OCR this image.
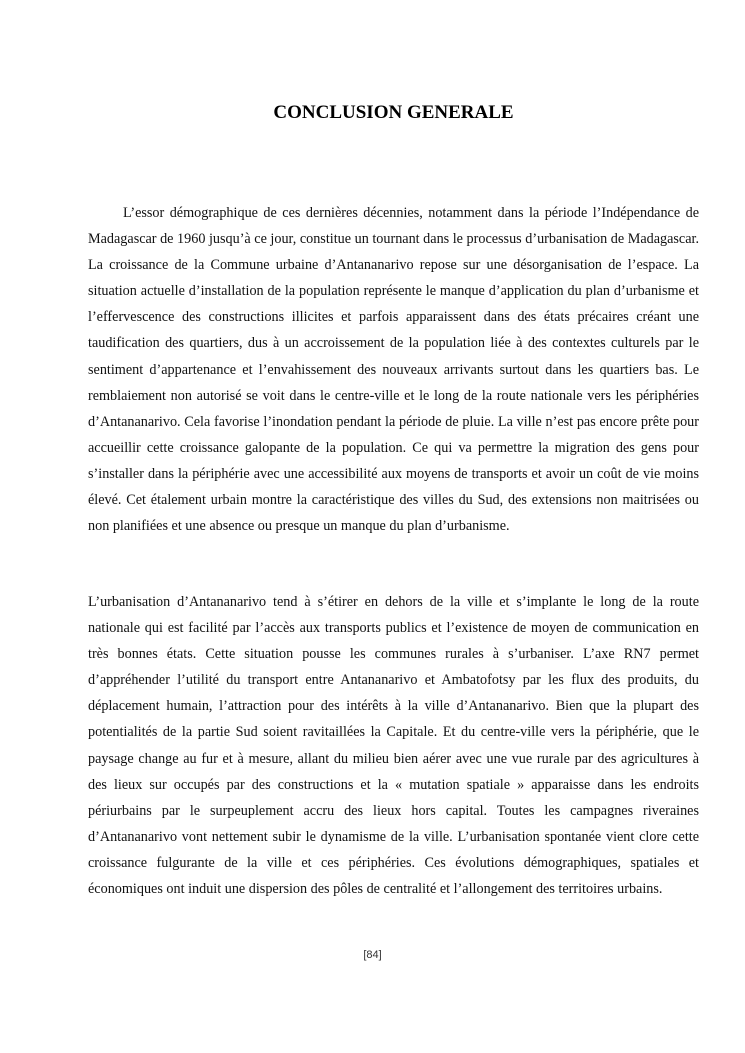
CONCLUSION GENERALE

L’essor démographique de ces dernières décennies, notamment dans la période l’Indépendance de Madagascar de 1960 jusqu’à ce jour, constitue un tournant dans le processus d’urbanisation de Madagascar. La croissance de la Commune urbaine d’Antananarivo repose sur une désorganisation de l’espace. La situation actuelle d’installation de la population représente le manque d’application du plan d’urbanisme et l’effervescence des constructions illicites et parfois apparaissent dans des états précaires créant une taudification des quartiers, dus à un accroissement de la population liée à des contextes culturels par le sentiment d’appartenance et l’envahissement des nouveaux arrivants surtout dans les quartiers bas. Le remblaiement non autorisé se voit dans le centre-ville et le long de la route nationale vers les périphéries d’Antananarivo. Cela favorise l’inondation pendant la période de pluie. La ville n’est pas encore prête pour accueillir cette croissance galopante de la population. Ce qui va permettre la migration des gens pour s’installer dans la périphérie avec une accessibilité aux moyens de transports et avoir un coût de vie moins élevé. Cet étalement urbain montre la caractéristique des villes du Sud, des extensions non maitrisées ou non planifiées et une absence ou presque un manque du plan d’urbanisme.

L’urbanisation d’Antananarivo tend à s’étirer en dehors de la ville et s’implante le long de la route nationale qui est facilité par l’accès aux transports publics et l’existence de moyen de communication en très bonnes états. Cette situation pousse les communes rurales à s’urbaniser. L’axe RN7 permet d’appréhender l’utilité du transport entre Antananarivo et Ambatofotsy par les flux des produits, du déplacement humain, l’attraction pour des intérêts à la ville d’Antananarivo. Bien que la plupart des potentialités de la partie Sud soient ravitaillées la Capitale. Et du centre-ville vers la périphérie, que le paysage change au fur et à mesure, allant du milieu bien aérer avec une vue rurale par des agricultures à des lieux sur occupés par des constructions et la « mutation spatiale » apparaisse dans les endroits périurbains par le surpeuplement accru des lieux hors capital. Toutes les campagnes riveraines d’Antananarivo vont nettement subir le dynamisme de la ville. L’urbanisation spontanée vient clore cette croissance fulgurante de la ville et ces périphéries. Ces évolutions démographiques, spatiales et économiques ont induit une dispersion des pôles de centralité et l’allongement des territoires urbains.

[84]
